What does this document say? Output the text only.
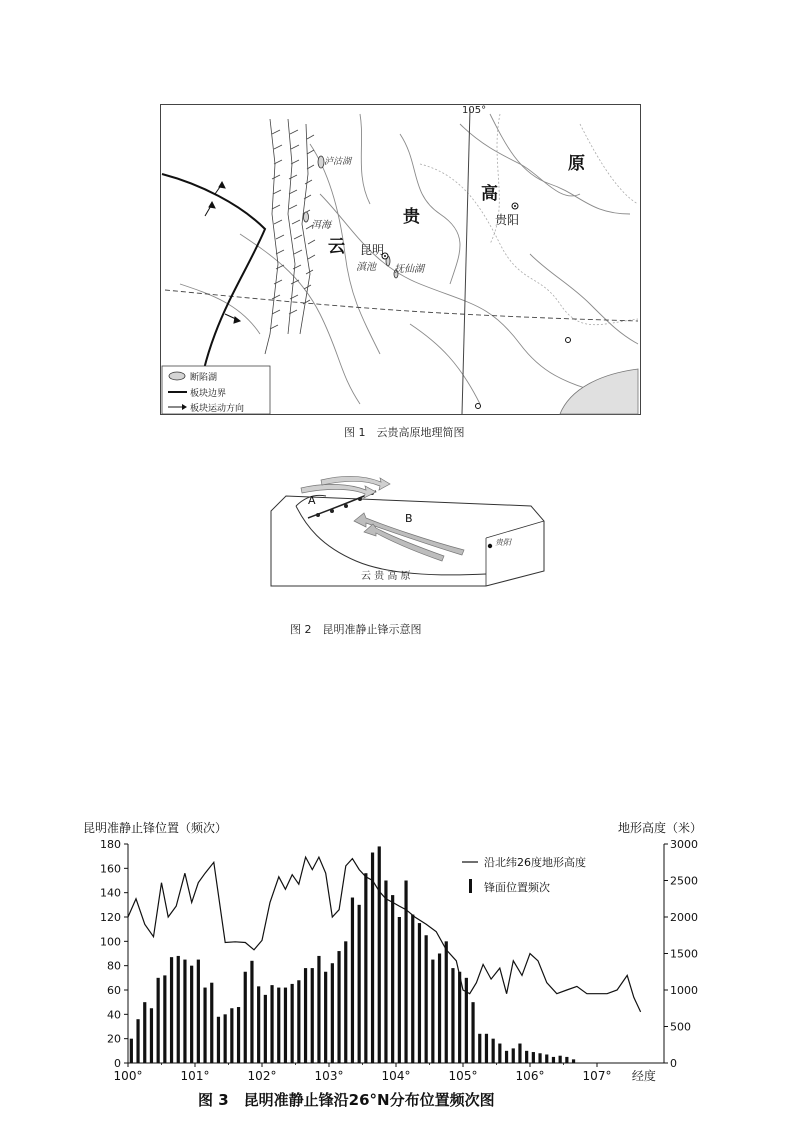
105°
高
原
贵
云
贵阳
昆明
洱海
滇池 抚仙湖
泸沽湖
断陷湖
板块边界
板块运动方向
图 1　云贵高原地理简图
A
B
贵阳
云 贵 高 原
图 2　昆明准静止锋示意图
昆明准静止锋位置（频次）	地形高度（米）
0
20
40
60
80
100
120
140
160
180
0
500
1000
1500
2000
2500
3000
100°	101°	102°	103°	104°	105°	106°	107° 经度
沿北纬26度地形高度
锋面位置频次
图 3　昆明准静止锋沿26°N分布位置频次图
